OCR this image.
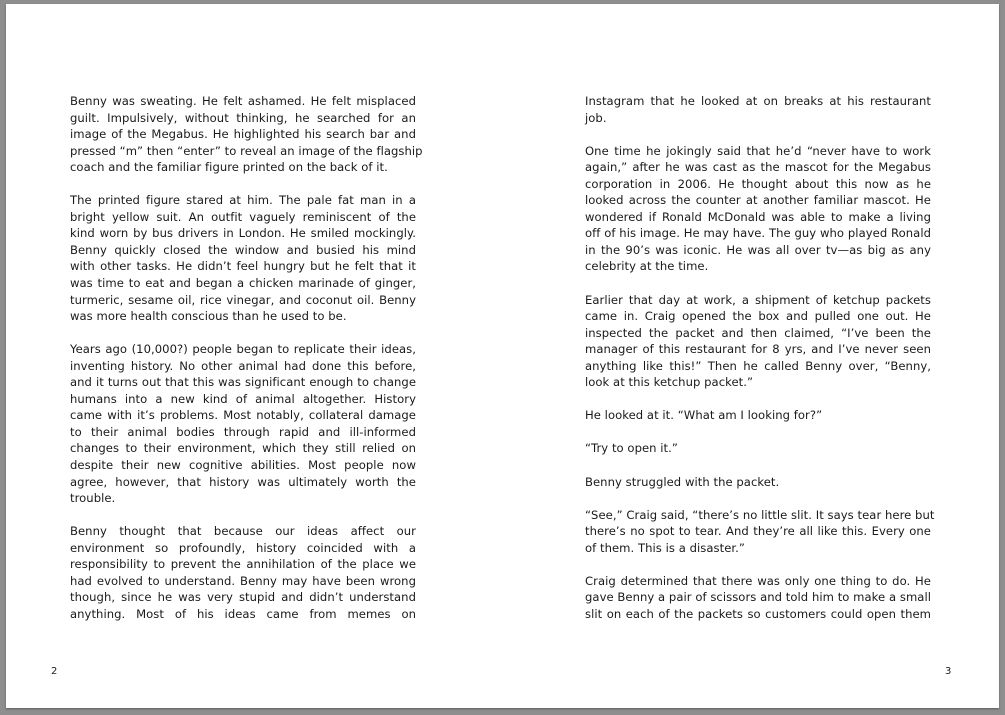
Benny was sweating. He felt ashamed. He felt misplaced
guilt. Impulsively, without thinking, he searched for an
image of the Megabus. He highlighted his search bar and
pressed “m” then “enter” to reveal an image of the flagship
coach and the familiar figure printed on the back of it.
The printed figure stared at him. The pale fat man in a
bright yellow suit. An outfit vaguely reminiscent of the
kind worn by bus drivers in London. He smiled mockingly.
Benny quickly closed the window and busied his mind
with other tasks. He didn’t feel hungry but he felt that it
was time to eat and began a chicken marinade of ginger,
turmeric, sesame oil, rice vinegar, and coconut oil. Benny
was more health conscious than he used to be.
Years ago (10,000?) people began to replicate their ideas,
inventing history. No other animal had done this before,
and it turns out that this was significant enough to change
humans into a new kind of animal altogether. History
came with it’s problems. Most notably, collateral damage
to their animal bodies through rapid and ill-informed
changes to their environment, which they still relied on
despite their new cognitive abilities. Most people now
agree, however, that history was ultimately worth the
trouble.
Benny thought that because our ideas affect our
environment so profoundly, history coincided with a
responsibility to prevent the annihilation of the place we
had evolved to understand. Benny may have been wrong
though, since he was very stupid and didn’t understand
anything. Most of his ideas came from memes on
Instagram that he looked at on breaks at his restaurant
job.
One time he jokingly said that he’d “never have to work
again,” after he was cast as the mascot for the Megabus
corporation in 2006. He thought about this now as he
looked across the counter at another familiar mascot. He
wondered if Ronald McDonald was able to make a living
off of his image. He may have. The guy who played Ronald
in the 90’s was iconic. He was all over tv—as big as any
celebrity at the time.
Earlier that day at work, a shipment of ketchup packets
came in. Craig opened the box and pulled one out. He
inspected the packet and then claimed, “I’ve been the
manager of this restaurant for 8 yrs, and I’ve never seen
anything like this!” Then he called Benny over, “Benny,
look at this ketchup packet.”
He looked at it. “What am I looking for?”
“Try to open it.”
Benny struggled with the packet.
“See,” Craig said, “there’s no little slit. It says tear here but
there’s no spot to tear. And they’re all like this. Every one
of them. This is a disaster.”
Craig determined that there was only one thing to do. He
gave Benny a pair of scissors and told him to make a small
slit on each of the packets so customers could open them
2	3
